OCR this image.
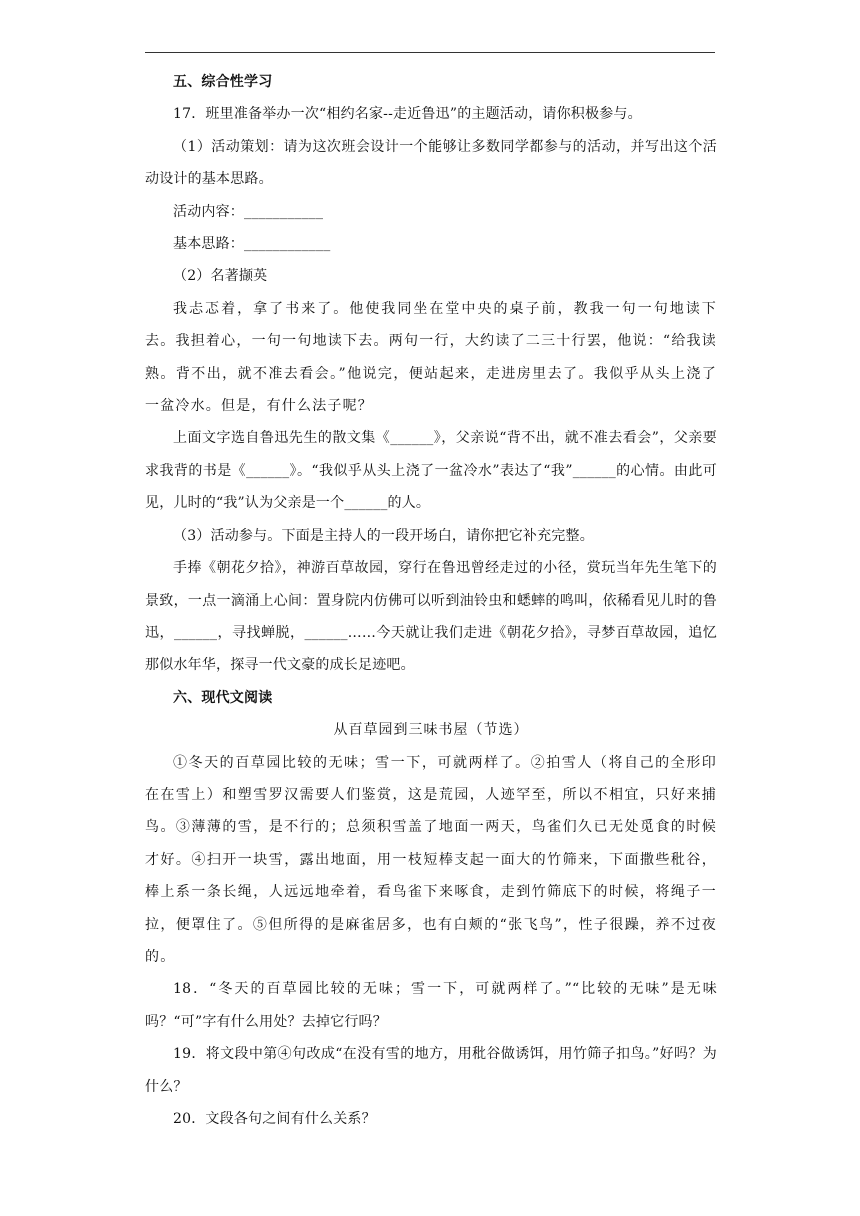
五、综合性学习

17．班里准备举办一次“相约名家--走近鲁迅”的主题活动，请你积极参与。

（1）活动策划：请为这次班会设计一个能够让多数同学都参与的活动，并写出这个活动设计的基本思路。

活动内容：___________

基本思路：____________

（2）名著撷英

我忐忑着，拿了书来了。他使我同坐在堂中央的桌子前，教我一句一句地读下去。我担着心，一句一句地读下去。两句一行，大约读了二三十行罢，他说：“给我读熟。背不出，就不准去看会。”他说完，便站起来，走进房里去了。我似乎从头上浇了一盆冷水。但是，有什么法子呢？

上面文字选自鲁迅先生的散文集《______》，父亲说“背不出，就不准去看会”，父亲要求我背的书是《______》。“我似乎从头上浇了一盆冷水”表达了“我”______的心情。由此可见，儿时的“我”认为父亲是一个______的人。

（3）活动参与。下面是主持人的一段开场白，请你把它补充完整。

手捧《朝花夕拾》，神游百草故园，穿行在鲁迅曾经走过的小径，赏玩当年先生笔下的景致，一点一滴涌上心间：置身院内仿佛可以听到油铃虫和蟋蟀的鸣叫，依稀看见儿时的鲁迅，______，寻找蝉脱，______……今天就让我们走进《朝花夕拾》，寻梦百草故园，追忆那似水年华，探寻一代文豪的成长足迹吧。

六、现代文阅读

从百草园到三味书屋（节选）

①冬天的百草园比较的无味；雪一下，可就两样了。②拍雪人（将自己的全形印在在雪上）和塑雪罗汉需要人们鉴赏，这是荒园，人迹罕至，所以不相宜，只好来捕鸟。③薄薄的雪，是不行的；总须积雪盖了地面一两天，鸟雀们久已无处觅食的时候才好。④扫开一块雪，露出地面，用一枝短棒支起一面大的竹筛来，下面撒些秕谷，棒上系一条长绳，人远远地牵着，看鸟雀下来啄食，走到竹筛底下的时候，将绳子一拉，便罩住了。⑤但所得的是麻雀居多，也有白颊的“张飞鸟”，性子很躁，养不过夜的。

18．“冬天的百草园比较的无味；雪一下，可就两样了。”“比较的无味”是无味吗？“可”字有什么用处？去掉它行吗？

19．将文段中第④句改成“在没有雪的地方，用秕谷做诱饵，用竹筛子扣鸟。”好吗？为什么？

20．文段各句之间有什么关系？
